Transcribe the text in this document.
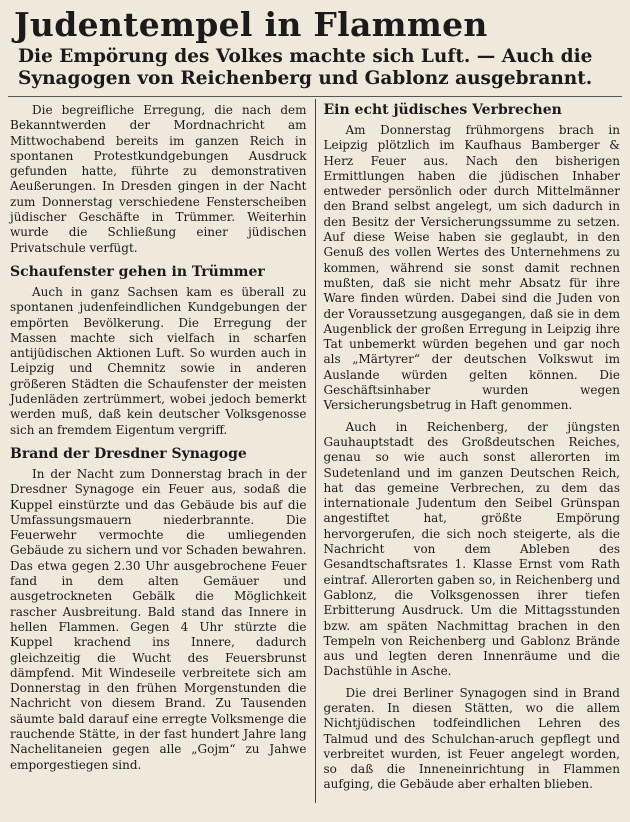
Judentempel in Flammen
Die Empörung des Volkes machte sich Luft. — Auch die Synagogen von Reichenberg und Gablonz ausgebrannt.

Die begreifliche Erregung, die nach dem Bekanntwerden der Mordnachricht am Mittwochabend bereits im ganzen Reich in spontanen Protestkundgebungen Ausdruck gefunden hatte, führte zu demonstrativen Aeußerungen. In Dresden gingen in der Nacht zum Donnerstag verschiedene Fensterscheiben jüdischer Geschäfte in Trümmer. Weiterhin wurde die Schließung einer jüdischen Privatschule verfügt.

Schaufenster gehen in Trümmer

Auch in ganz Sachsen kam es überall zu spontanen judenfeindlichen Kundgebungen der empörten Bevölkerung. Die Erregung der Massen machte sich vielfach in scharfen antijüdischen Aktionen Luft. So wurden auch in Leipzig und Chemnitz sowie in anderen größeren Städten die Schaufenster der meisten Judenläden zertrümmert, wobei jedoch bemerkt werden muß, daß kein deutscher Volksgenosse sich an fremdem Eigentum vergriff.

Brand der Dresdner Synagoge

In der Nacht zum Donnerstag brach in der Dresdner Synagoge ein Feuer aus, sodaß die Kuppel einstürzte und das Gebäude bis auf die Umfassungsmauern niederbrannte. Die Feuerwehr vermochte die umliegenden Gebäude zu sichern und vor Schaden bewahren. Das etwa gegen 2.30 Uhr ausgebrochene Feuer fand in dem alten Gemäuer und ausgetrockneten Gebälk die Möglichkeit rascher Ausbreitung. Bald stand das Innere in hellen Flammen. Gegen 4 Uhr stürzte die Kuppel krachend ins Innere, dadurch gleichzeitig die Wucht des Feuersbrunst dämpfend. Mit Windeseile verbreitete sich am Donnerstag in den frühen Morgenstunden die Nachricht von diesem Brand. Zu Tausenden säumte bald darauf eine erregte Volksmenge die rauchende Stätte, in der fast hundert Jahre lang Nachelitaneien gegen alle „Gojm“ zu Jahwe emporgestiegen sind.

Ein echt jüdisches Verbrechen

Am Donnerstag frühmorgens brach in Leipzig plötzlich im Kaufhaus Bamberger & Herz Feuer aus. Nach den bisherigen Ermittlungen haben die jüdischen Inhaber entweder persönlich oder durch Mittelmänner den Brand selbst angelegt, um sich dadurch in den Besitz der Versicherungssumme zu setzen. Auf diese Weise haben sie geglaubt, in den Genuß des vollen Wertes des Unternehmens zu kommen, während sie sonst damit rechnen mußten, daß sie nicht mehr Absatz für ihre Ware finden würden. Dabei sind die Juden von der Voraussetzung ausgegangen, daß sie in dem Augenblick der großen Erregung in Leipzig ihre Tat unbemerkt würden begehen und gar noch als „Märtyrer“ der deutschen Volkswut im Auslande würden gelten können. Die Geschäftsinhaber wurden wegen Versicherungsbetrug in Haft genommen.

Auch in Reichenberg, der jüngsten Gauhauptstadt des Großdeutschen Reiches, genau so wie auch sonst allerorten im Sudetenland und im ganzen Deutschen Reich, hat das gemeine Verbrechen, zu dem das internationale Judentum den Seibel Grünspan angestiftet hat, größte Empörung hervorgerufen, die sich noch steigerte, als die Nachricht von dem Ableben des Gesandtschaftsrates 1. Klasse Ernst vom Rath eintraf. Allerorten gaben so, in Reichenberg und Gablonz, die Volksgenossen ihrer tiefen Erbitterung Ausdruck. Um die Mittagsstunden bzw. am späten Nachmittag brachen in den Tempeln von Reichenberg und Gablonz Brände aus und legten deren Innenräume und die Dachstühle in Asche.

Die drei Berliner Synagogen sind in Brand geraten. In diesen Stätten, wo die allem Nichtjüdischen todfeindlichen Lehren des Talmud und des Schulchan-aruch gepflegt und verbreitet wurden, ist Feuer angelegt worden, so daß die Inneneinrichtung in Flammen aufging, die Gebäude aber erhalten blieben.
